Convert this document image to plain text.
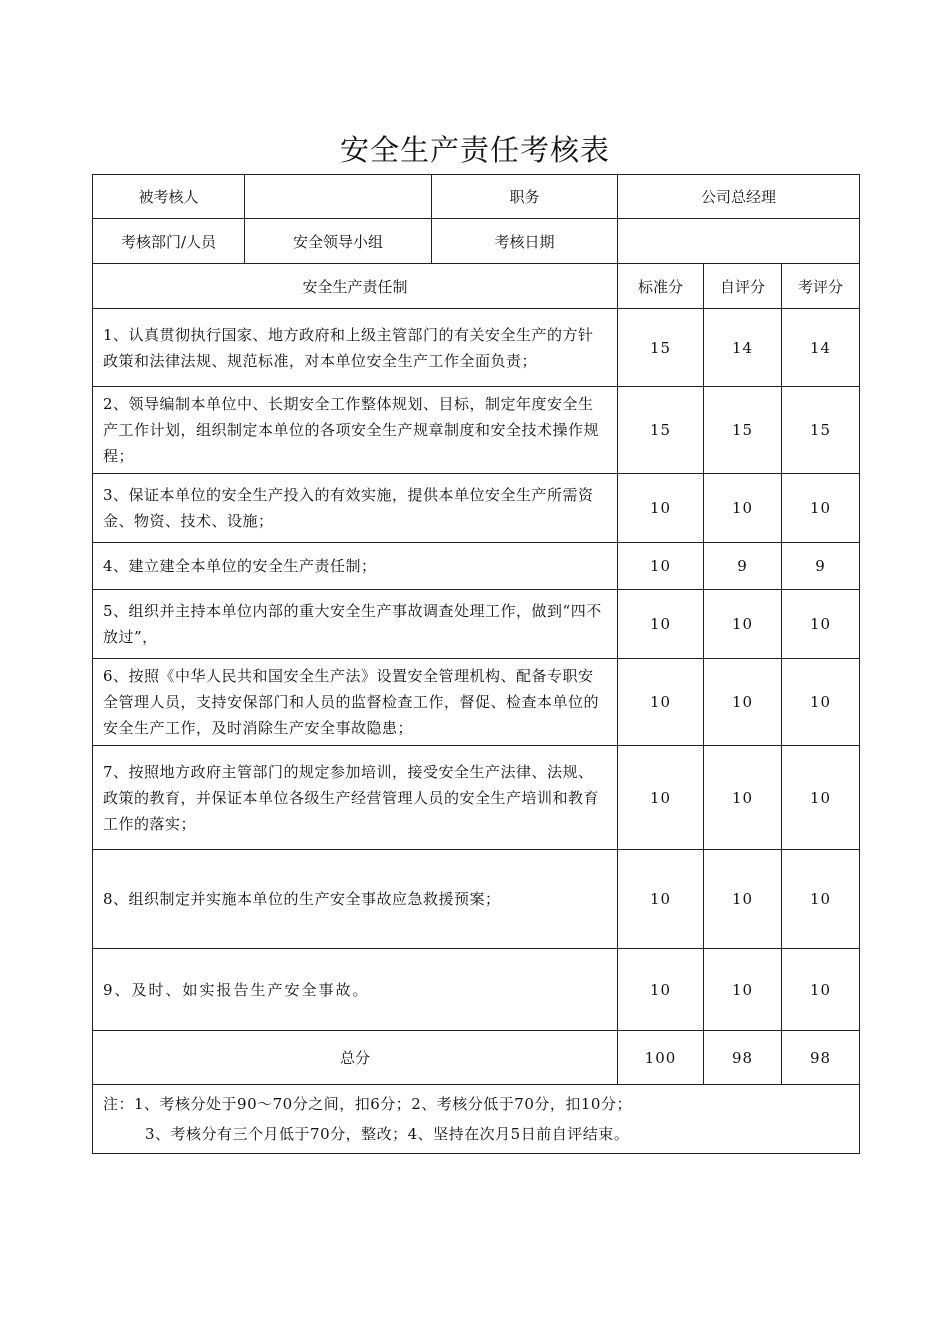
安全生产责任考核表
被考核人		职务	公司总经理		
考核部门/人员	安全领导小组	考核日期			
安全生产责任制			标准分	自评分	考评分
1、认真贯彻执行国家、地方政府和上级主管部门的有关安全生产的方针政策和法律法规、规范标准，对本单位安全生产工作全面负责；			15	14	14
2、领导编制本单位中、长期安全工作整体规划、目标，制定年度安全生产工作计划，组织制定本单位的各项安全生产规章制度和安全技术操作规程；			15	15	15
3、保证本单位的安全生产投入的有效实施，提供本单位安全生产所需资金、物资、技术、设施；			10	10	10
4、建立建全本单位的安全生产责任制；			10	9	9
5、组织并主持本单位内部的重大安全生产事故调查处理工作，做到“四不放过”，			10	10	10
6、按照《中华人民共和国安全生产法》设置安全管理机构、配备专职安全管理人员，支持安保部门和人员的监督检查工作，督促、检查本单位的安全生产工作，及时消除生产安全事故隐患；			10	10	10
7、按照地方政府主管部门的规定参加培训，接受安全生产法律、法规、政策的教育，并保证本单位各级生产经营管理人员的安全生产培训和教育工作的落实；			10	10	10
8、组织制定并实施本单位的生产安全事故应急救援预案；			10	10	10
9、及时、如实报告生产安全事故。			10	10	10
总分			100	98	98

注：1、考核分处于90～70分之间，扣6分；2、考核分低于70分，扣10分；
3、考核分有三个月低于70分，整改；4、坚持在次月5日前自评结束。					
